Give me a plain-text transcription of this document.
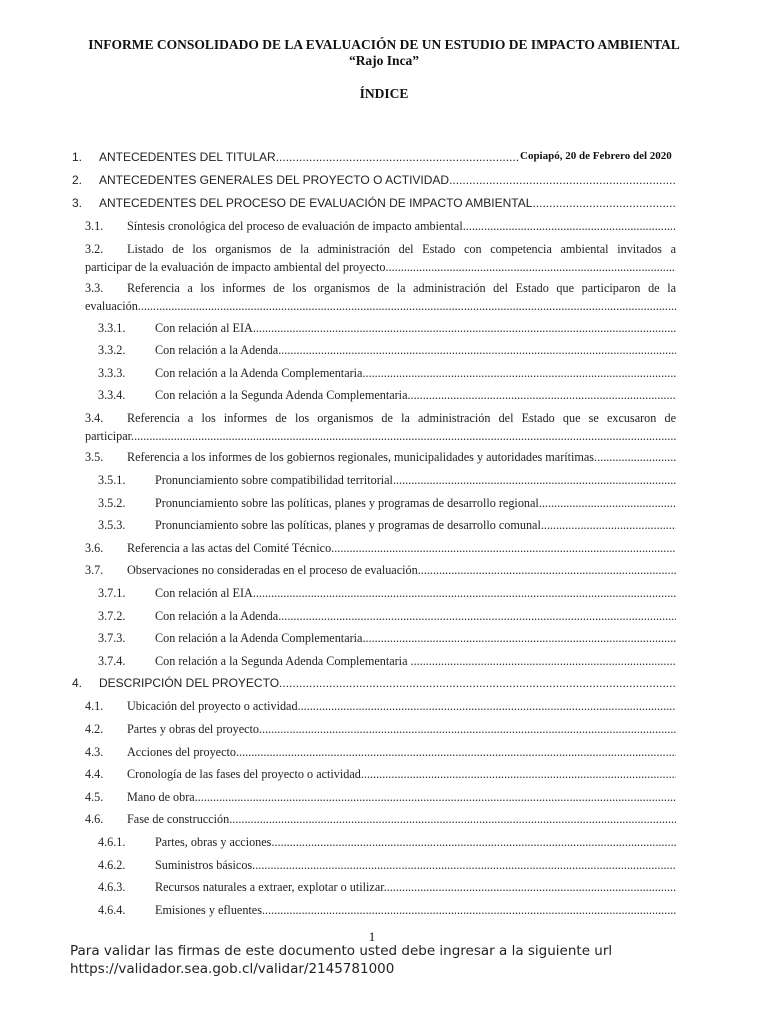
INFORME CONSOLIDADO DE LA EVALUACIÓN DE UN ESTUDIO DE IMPACTO AMBIENTAL
“Rajo Inca”
ÍNDICE
1. ANTECEDENTES DEL TITULAR .....
2. ANTECEDENTES GENERALES DEL PROYECTO O ACTIVIDAD .....
3. ANTECEDENTES DEL PROCESO DE EVALUACIÓN DE IMPACTO AMBIENTAL .....
3.1. Síntesis cronológica del proceso de evaluación de impacto ambiental .....
3.2. Listado de los organismos de la administración del Estado con competencia ambiental invitados a
participar de la evaluación de impacto ambiental del proyecto .....
3.3. Referencia a los informes de los organismos de la administración del Estado que participaron de la
evaluación .....
3.3.1. Con relación al EIA .....
3.3.2. Con relación a la Adenda .....
3.3.3. Con relación a la Adenda Complementaria .....
3.3.4. Con relación a la Segunda Adenda Complementaria .....
3.4. Referencia a los informes de los organismos de la administración del Estado que se excusaron de
participar .....
3.5. Referencia a los informes de los gobiernos regionales, municipalidades y autoridades marítimas .....
3.5.1. Pronunciamiento sobre compatibilidad territorial .....
3.5.2. Pronunciamiento sobre las políticas, planes y programas de desarrollo regional .....
3.5.3. Pronunciamiento sobre las políticas, planes y programas de desarrollo comunal .....
3.6. Referencia a las actas del Comité Técnico .....
3.7. Observaciones no consideradas en el proceso de evaluación .....
3.7.1. Con relación al EIA .....
3.7.2. Con relación a la Adenda .....
3.7.3. Con relación a la Adenda Complementaria .....
3.7.4. Con relación a la Segunda Adenda Complementaria .....
4. DESCRIPCIÓN DEL PROYECTO .....
4.1. Ubicación del proyecto o actividad .....
4.2. Partes y obras del proyecto .....
4.3. Acciones del proyecto .....
4.4. Cronología de las fases del proyecto o actividad .....
4.5. Mano de obra .....
4.6. Fase de construcción .....
4.6.1. Partes, obras y acciones .....
4.6.2. Suministros básicos .....
4.6.3. Recursos naturales a extraer, explotar o utilizar .....
4.6.4. Emisiones y efluentes .....
Copiapó, 20 de Febrero del 2020
1
Para validar las firmas de este documento usted debe ingresar a la siguiente url
https://validador.sea.gob.cl/validar/2145781000
